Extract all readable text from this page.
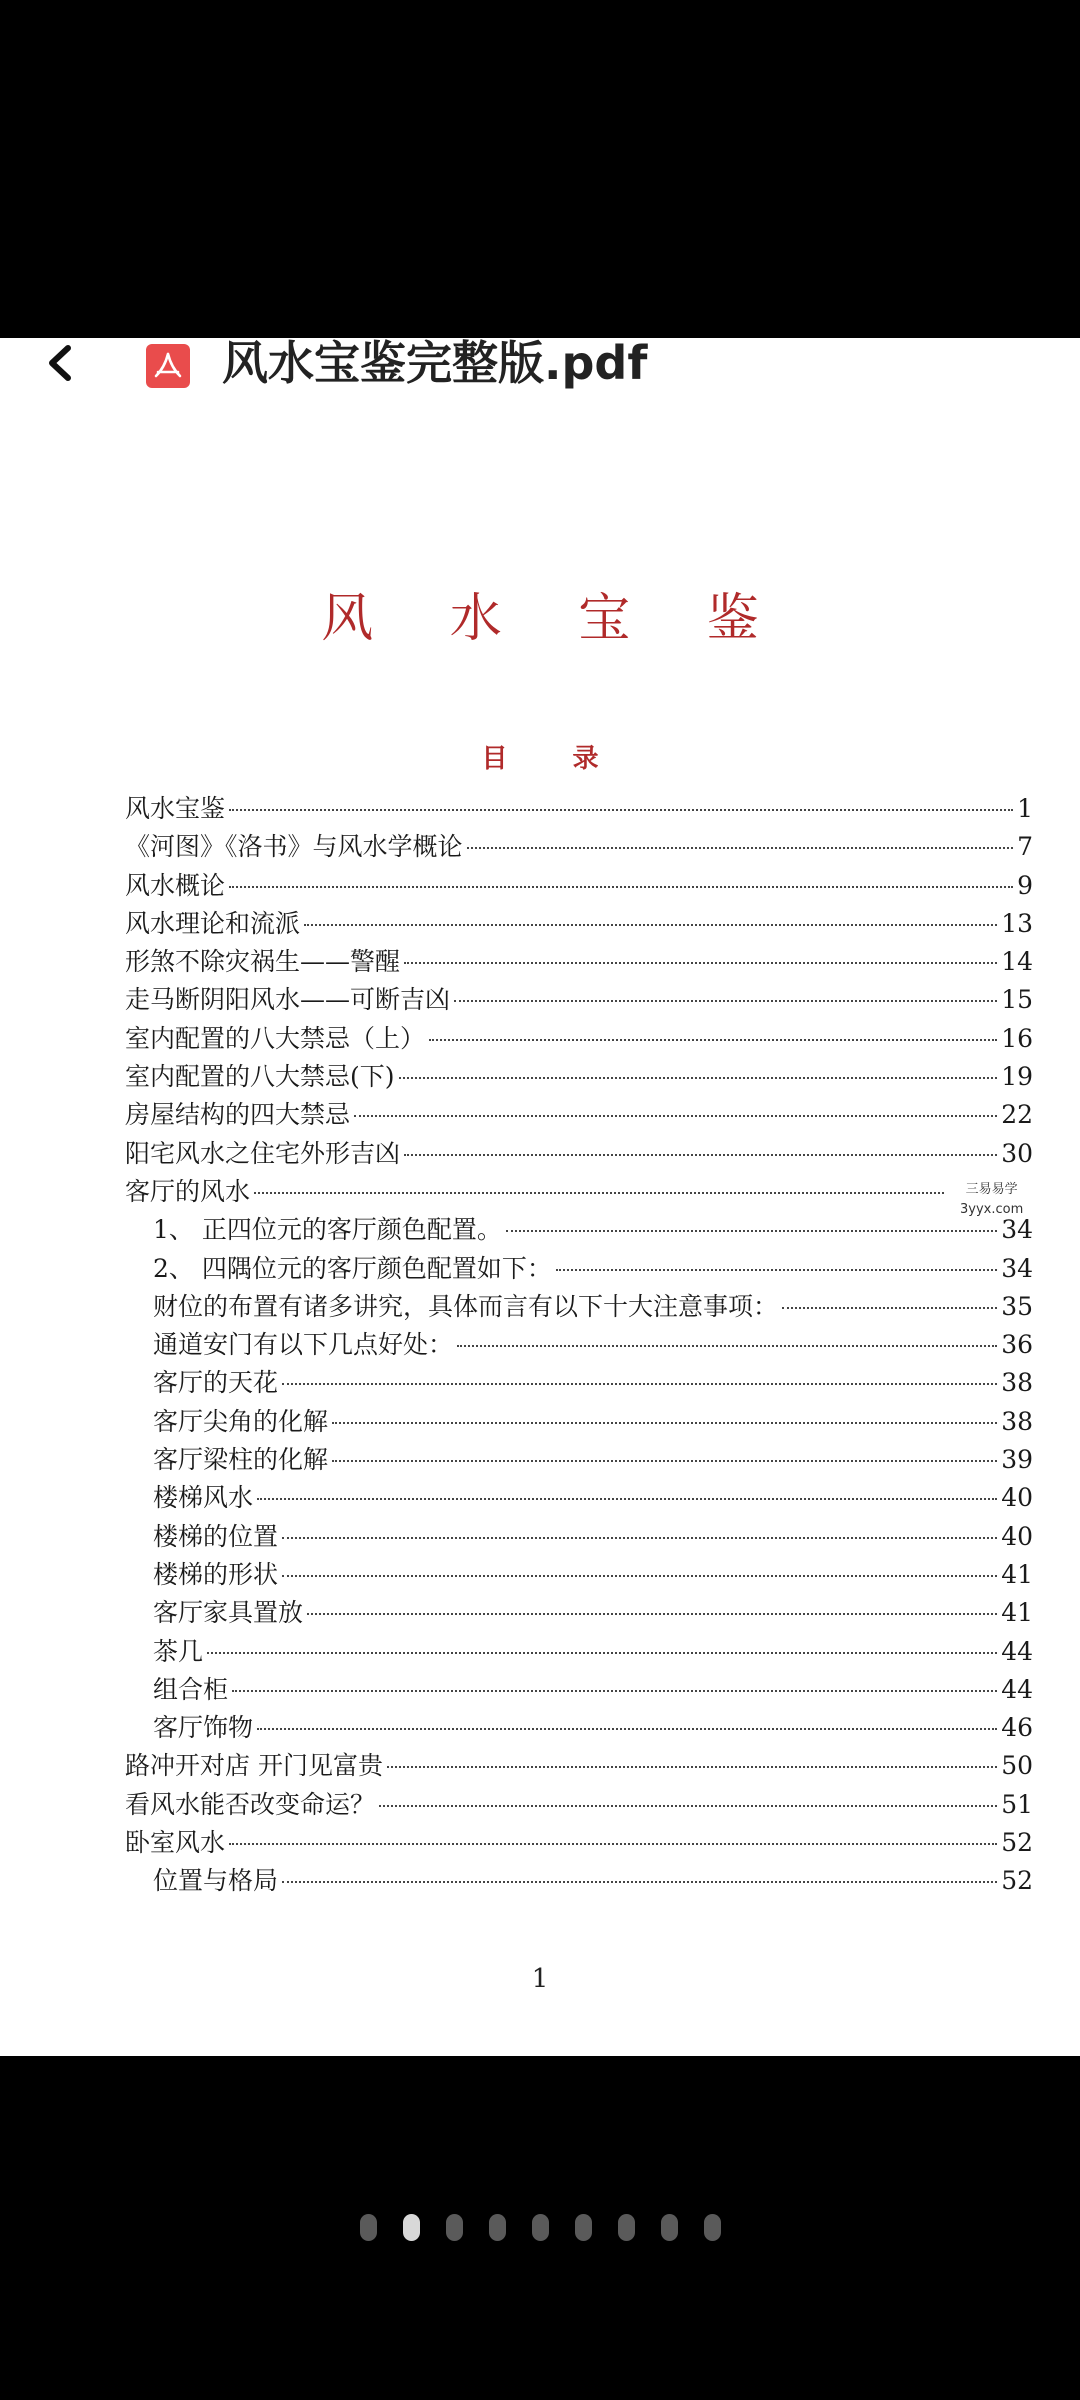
风水宝鉴完整版.pdf
风 水 宝 鉴
目 录
风水宝鉴	1
《河图》《洛书》与风水学概论	7
风水概论	9
风水理论和流派	13
形煞不除灾祸生——警醒	14
走马断阴阳风水——可断吉凶	15
室内配置的八大禁忌（上）	16
室内配置的八大禁忌(下)	19
房屋结构的四大禁忌	22
阳宅风水之住宅外形吉凶	30
客厅的风水
1、 正四位元的客厅颜色配置。	34
2、 四隅位元的客厅颜色配置如下：	34
财位的布置有诸多讲究，具体而言有以下十大注意事项：	35
通道安门有以下几点好处：	36
客厅的天花	38
客厅尖角的化解	38
客厅梁柱的化解	39
楼梯风水	40
楼梯的位置	40
楼梯的形状	41
客厅家具置放	41
茶几	44
组合柜	44
客厅饰物	46
路冲开对店 开门见富贵	50
看风水能否改变命运？	51
卧室风水	52
位置与格局	52
三易易学
3yyx.com
1
